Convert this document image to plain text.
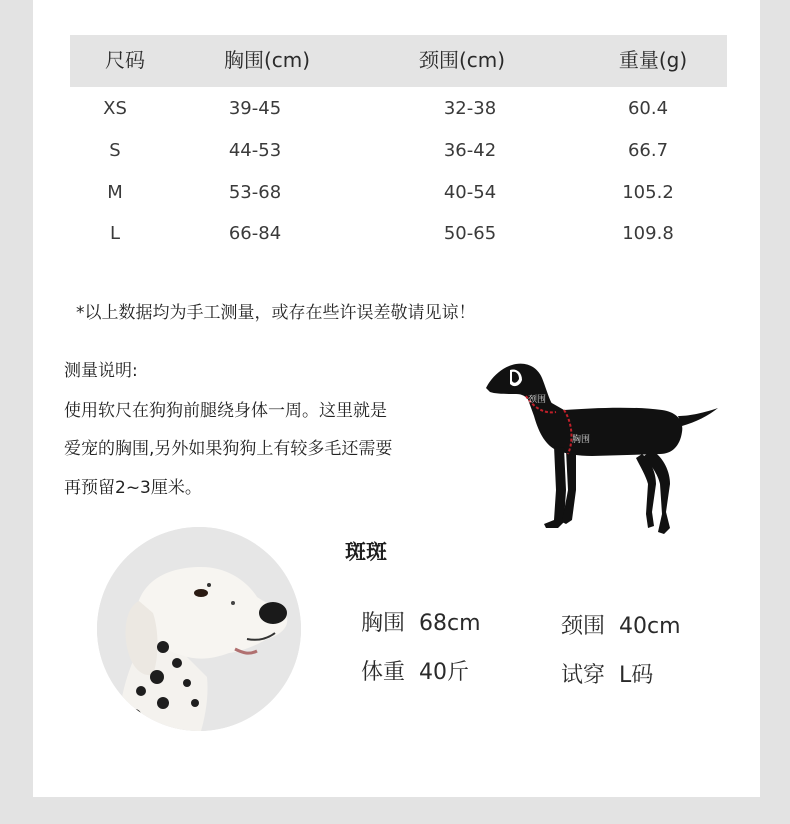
尺码	胸围(cm)	颈围(cm)	重量(g)
XS	39-45	32-38	60.4
S	44-53	36-42	66.7
M	53-68	40-54	105.2
L	66-84	50-65	109.8
*以上数据均为手工测量，或存在些许误差敬请见谅！
测量说明:
使用软尺在狗狗前腿绕身体一周。这里就是
爱宠的胸围,另外如果狗狗上有较多毛还需要
再预留2~3厘米。
颈围
胸围
斑斑
胸围 68cm	颈围 40cm
体重 40斤	试穿 L码
